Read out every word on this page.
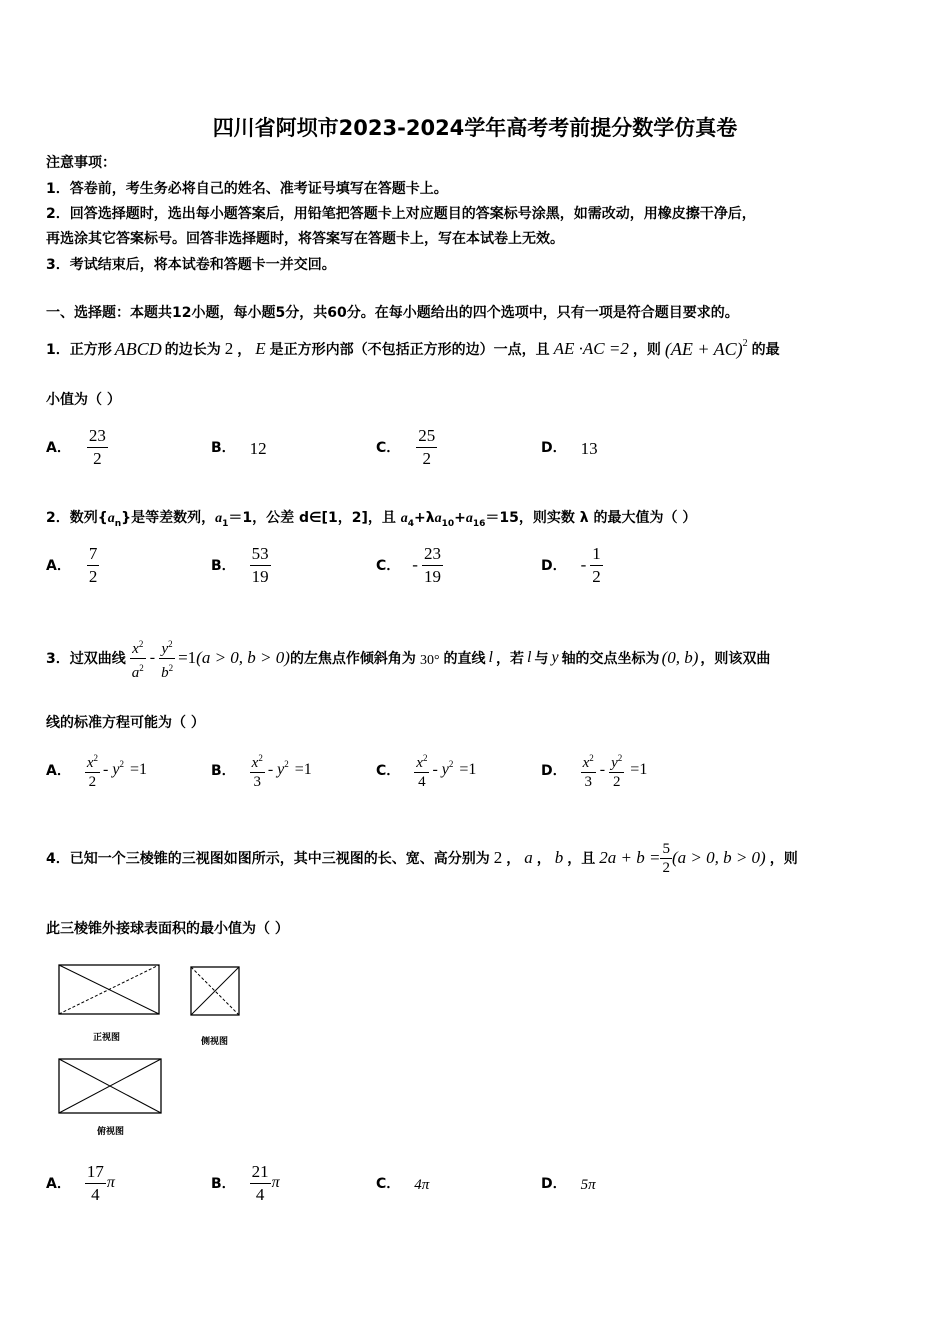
四川省阿坝市2023-2024学年高考考前提分数学仿真卷
注意事项：
1．答卷前，考生务必将自己的姓名、准考证号填写在答题卡上。
2．回答选择题时，选出每小题答案后，用铅笔把答题卡上对应题目的答案标号涂黑，如需改动，用橡皮擦干净后，
再选涂其它答案标号。回答非选择题时，将答案写在答题卡上，写在本试卷上无效。
3．考试结束后，将本试卷和答题卡一并交回。
一、选择题：本题共12小题，每小题5分，共60分。在每小题给出的四个选项中，只有一项是符合题目要求的。
1．正方形 ABCD 的边长为 2 ， E 是正方形内部（不包括正方形的边）一点，且 AE ·AC =2 ，则 (AE + AC)$^2$ 的最
小值为（ ）
A． $\frac{23}{2}$	B． 12	C． $\frac{25}{2}$	D． 13
2．数列$\{a_n\}$是等差数列，$a_1=1$，公差 d∈[1，2]，且 $a_4+\lambda a_{10}+a_{16}=15$，则实数 λ 的最大值为（ ）
A． $\frac{7}{2}$	B． $\frac{53}{19}$	C． - $\frac{23}{19}$	D． - $\frac{1}{2}$
3．过双曲线 $\frac{x^2}{a^2} - \frac{y^2}{b^2} =1$ (a > 0, b > 0) 的左焦点作倾斜角为 30° 的直线 l ，若 l 与 y 轴的交点坐标为 (0, b) ，则该双曲
线的标准方程可能为（ ）
A． $\frac{x^2}{2} - y^2 =1$	B． $\frac{x^2}{3} - y^2 =1$	C． $\frac{x^2}{4} - y^2 =1$	D． $\frac{x^2}{3} - \frac{y^2}{2} =1$
4．已知一个三棱锥的三视图如图所示，其中三视图的长、宽、高分别为 2 ， a ， b ，且 $2a + b = \frac{5}{2} (a > 0$, b > 0) ，则
此三棱锥外接球表面积的最小值为（ ）
正视图	侧视图
俯视图
A． $\frac{17}{4}$ π	B． $\frac{21}{4}$ π	C． 4π	D． 5π
